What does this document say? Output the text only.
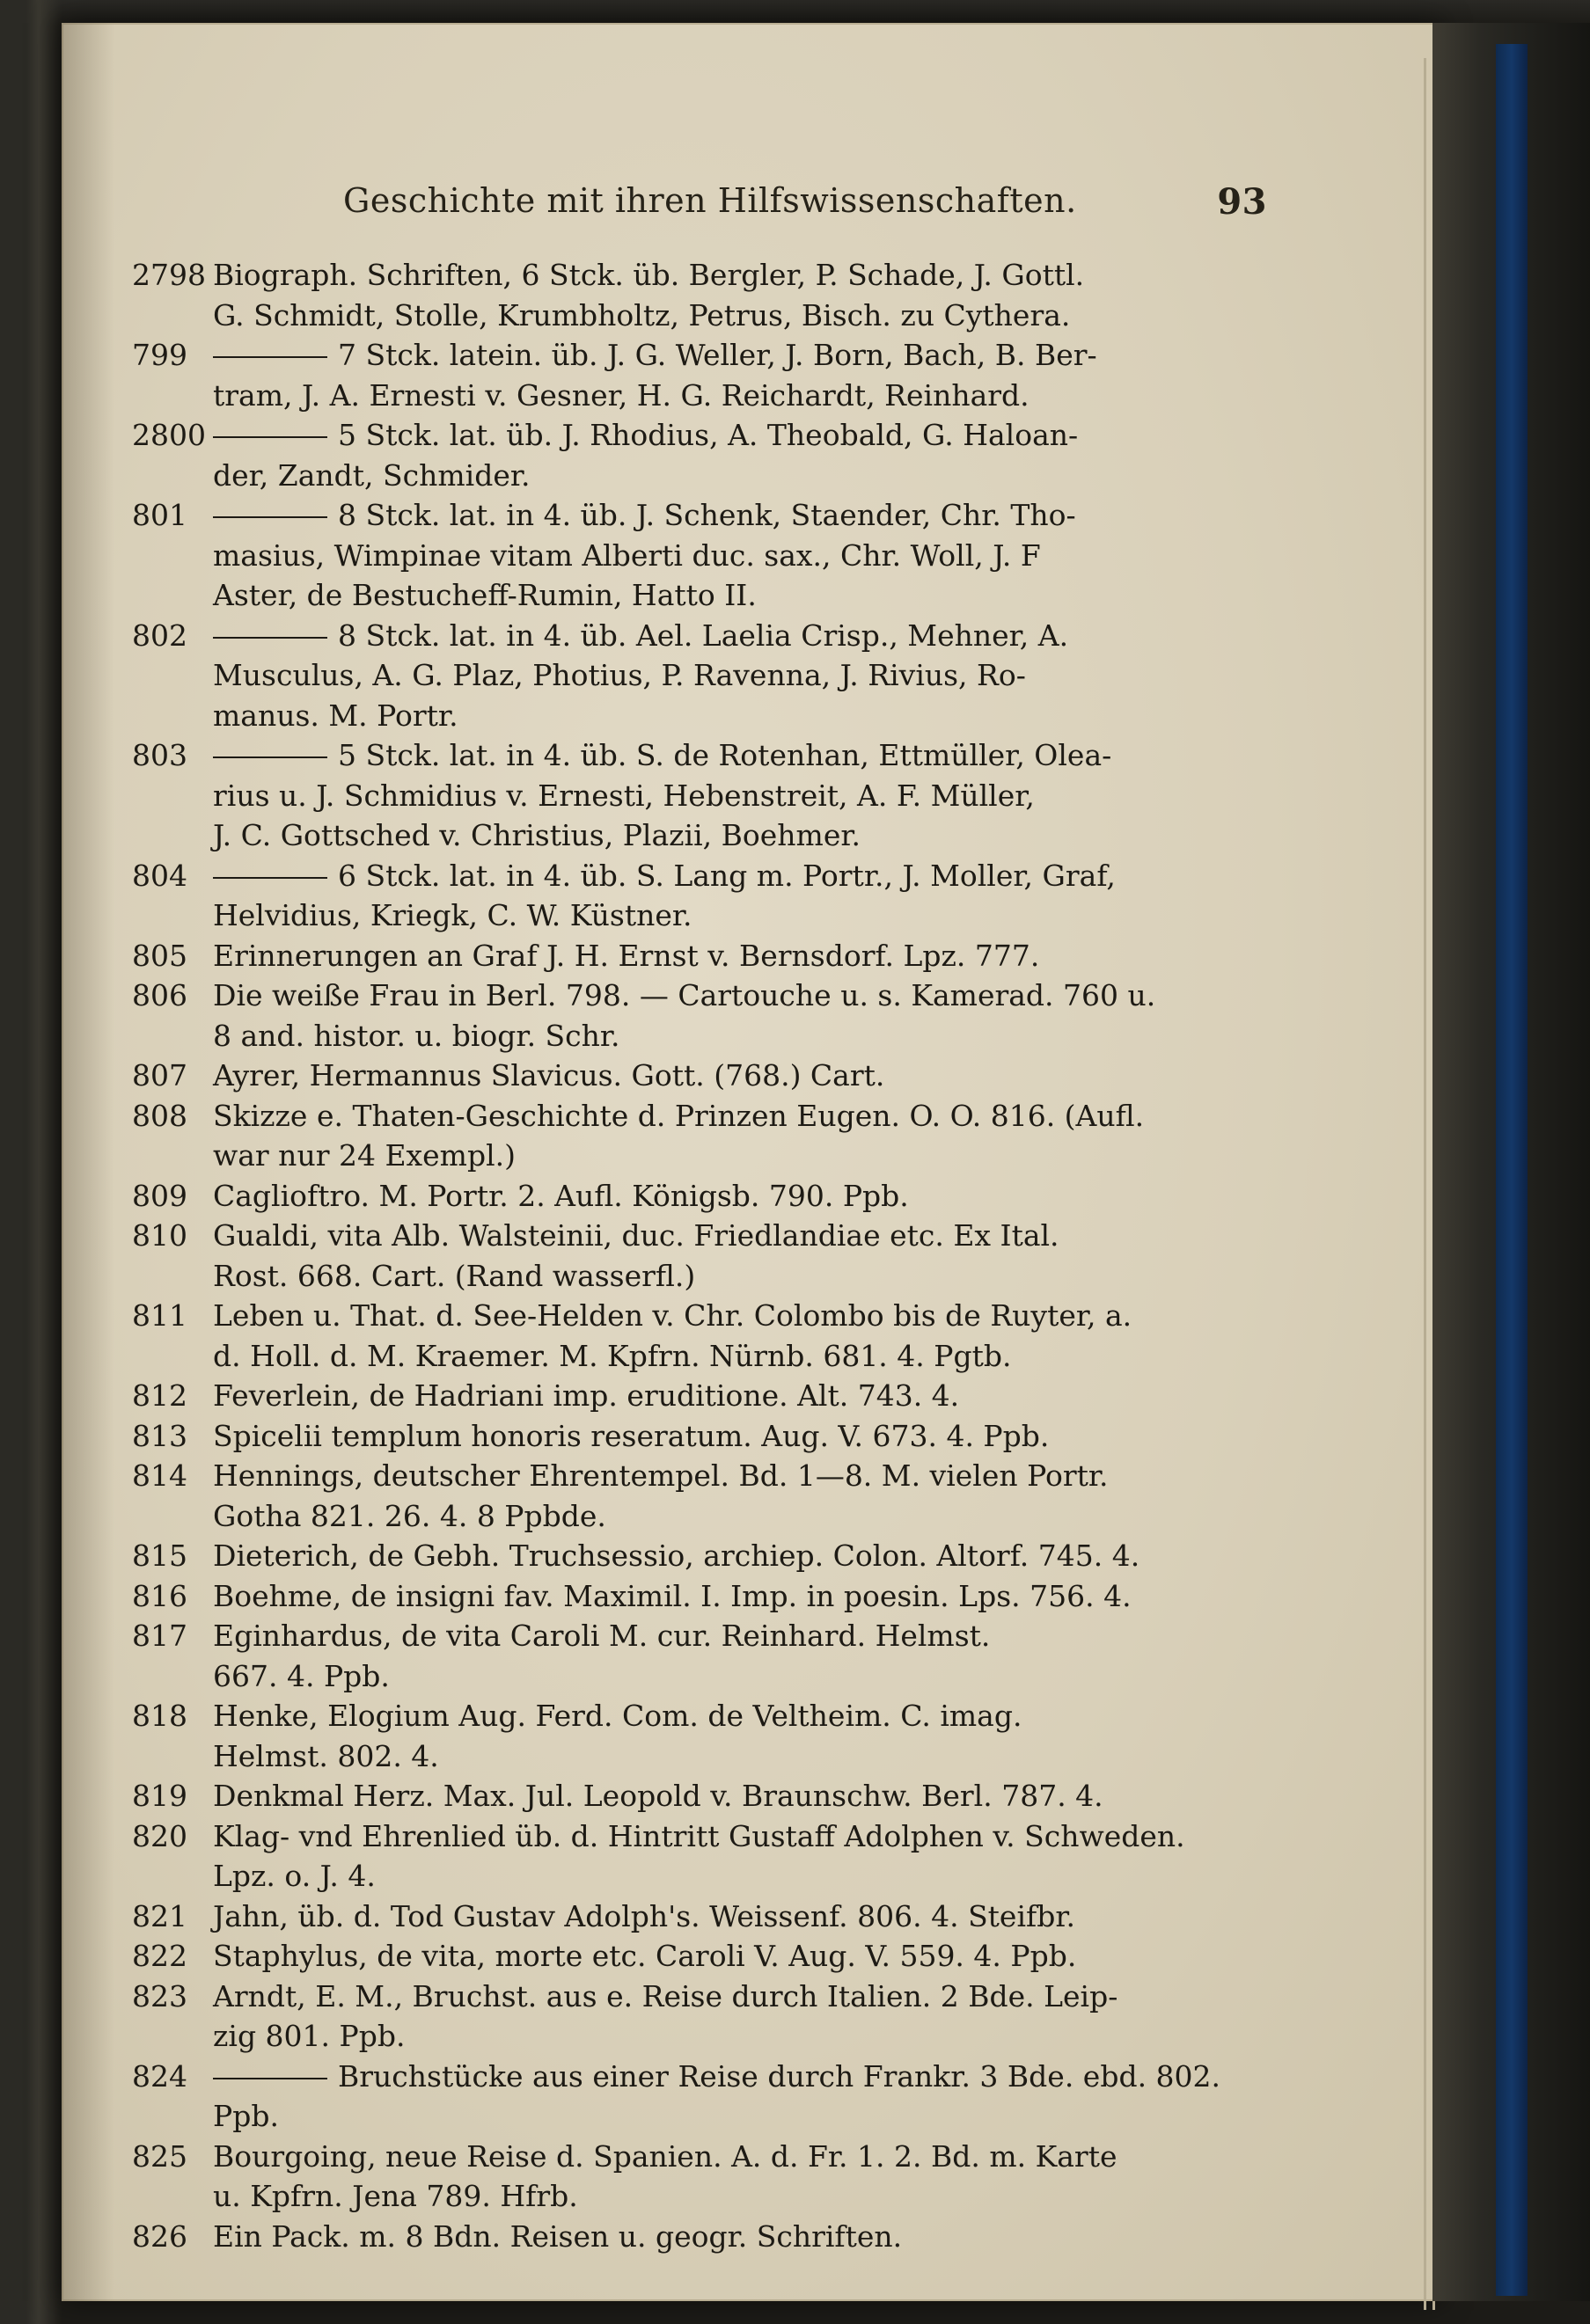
Geschichte mit ihren Hilfswissenschaften.	93
2798 Biograph. Schriften, 6 Stck. üb. Bergler, P. Schade, J. Gottl.
G. Schmidt, Stolle, Krumbholtz, Petrus, Bisch. zu Cythera.
799	7 Stck. latein. üb. J. G. Weller, J. Born, Bach, B. Ber-
tram, J. A. Ernesti v. Gesner, H. G. Reichardt, Reinhard.
2800	5 Stck. lat. üb. J. Rhodius, A. Theobald, G. Haloan-
der, Zandt, Schmider.
801	8 Stck. lat. in 4. üb. J. Schenk, Staender, Chr. Tho-
masius, Wimpinae vitam Alberti duc. sax., Chr. Woll, J. F
Aster, de Bestucheff-Rumin, Hatto II.
802	8 Stck. lat. in 4. üb. Ael. Laelia Crisp., Mehner, A.
Musculus, A. G. Plaz, Photius, P. Ravenna, J. Rivius, Ro-
manus. M. Portr.
803	5 Stck. lat. in 4. üb. S. de Rotenhan, Ettmüller, Olea-
rius u. J. Schmidius v. Ernesti, Hebenstreit, A. F. Müller,
J. C. Gottsched v. Christius, Plazii, Boehmer.
804	6 Stck. lat. in 4. üb. S. Lang m. Portr., J. Moller, Graf,
Helvidius, Kriegk, C. W. Küstner.
805 Erinnerungen an Graf J. H. Ernst v. Bernsdorf. Lpz. 777.
806 Die weiße Frau in Berl. 798. — Cartouche u. s. Kamerad. 760 u.
8 and. histor. u. biogr. Schr.
807 Ayrer, Hermannus Slavicus. Gott. (768.) Cart.
808 Skizze e. Thaten-Geschichte d. Prinzen Eugen. O. O. 816. (Aufl.
war nur 24 Exempl.)
809 Caglioftro. M. Portr. 2. Aufl. Königsb. 790. Ppb.
810 Gualdi, vita Alb. Walsteinii, duc. Friedlandiae etc. Ex Ital.
Rost. 668. Cart. (Rand wasserfl.)
811 Leben u. That. d. See-Helden v. Chr. Colombo bis de Ruyter, a.
d. Holl. d. M. Kraemer. M. Kpfrn. Nürnb. 681. 4. Pgtb.
812 Feverlein, de Hadriani imp. eruditione. Alt. 743. 4.
813 Spicelii templum honoris reseratum. Aug. V. 673. 4. Ppb.
814 Hennings, deutscher Ehrentempel. Bd. 1—8. M. vielen Portr.
Gotha 821. 26. 4. 8 Ppbde.
815 Dieterich, de Gebh. Truchsessio, archiep. Colon. Altorf. 745. 4.
816 Boehme, de insigni fav. Maximil. I. Imp. in poesin. Lps. 756. 4.
817 Eginhardus, de vita Caroli M. cur. Reinhard. Helmst.
667. 4. Ppb.
818 Henke, Elogium Aug. Ferd. Com. de Veltheim. C. imag.
Helmst. 802. 4.
819 Denkmal Herz. Max. Jul. Leopold v. Braunschw. Berl. 787. 4.
820 Klag- vnd Ehrenlied üb. d. Hintritt Gustaff Adolphen v. Schweden.
Lpz. o. J. 4.
821 Jahn, üb. d. Tod Gustav Adolph's. Weissenf. 806. 4. Steifbr.
822 Staphylus, de vita, morte etc. Caroli V. Aug. V. 559. 4. Ppb.
823 Arndt, E. M., Bruchst. aus e. Reise durch Italien. 2 Bde. Leip-
zig 801. Ppb.
824	Bruchstücke aus einer Reise durch Frankr. 3 Bde. ebd. 802. Ppb.
825 Bourgoing, neue Reise d. Spanien. A. d. Fr. 1. 2. Bd. m. Karte
u. Kpfrn. Jena 789. Hfrb.
826 Ein Pack. m. 8 Bdn. Reisen u. geogr. Schriften.
